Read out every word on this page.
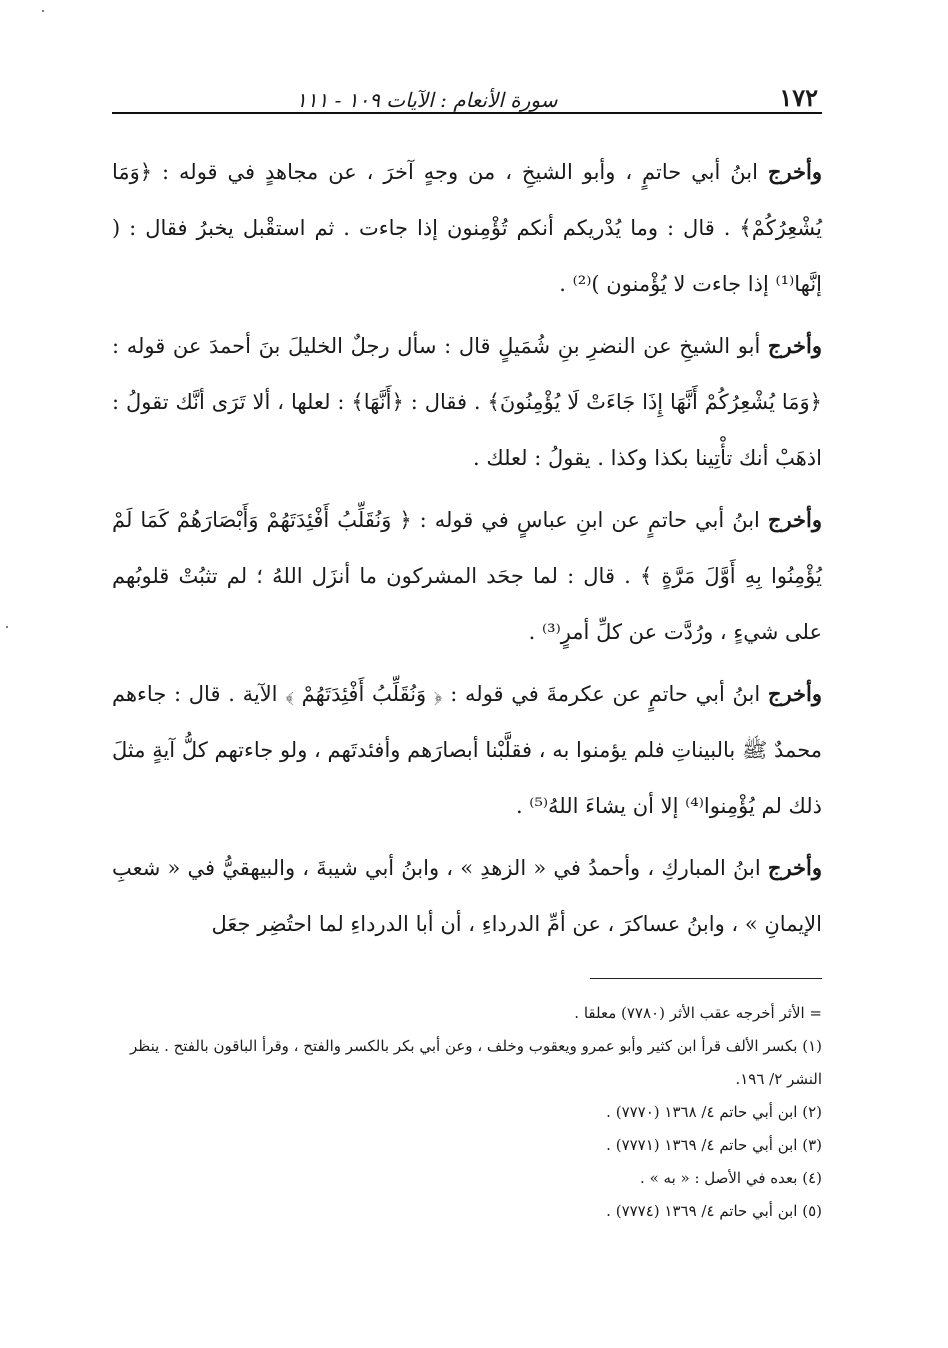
١٧٢
سورة الأنعام : الآيات ١٠٩ - ١١١

وأخرج ابنُ أبي حاتمٍ ، وأبو الشيخِ ، من وجهٍ آخرَ ، عن مجاهدٍ في قوله : ﴿وَمَا يُشْعِرُكُمْ﴾ . قال : وما يُدْريكم أنكم تُؤْمِنون إذا جاءت . ثم استقْبل يخبرُ فقال : ( إنَّها⁽¹⁾ إذا جاءت لا يُؤْمنون )⁽²⁾ .

وأخرج أبو الشيخِ عن النضرِ بنِ شُمَيلٍ قال : سأل رجلٌ الخليلَ بنَ أحمدَ عن قوله : ﴿وَمَا يُشْعِرُكُمْ أَنَّهَا إِذَا جَاءَتْ لَا يُؤْمِنُونَ﴾ . فقال : ﴿أَنَّهَا﴾ : لعلها ، ألا تَرَى أنَّك تقولُ : اذهَبْ أنك تأْتِينا بكذا وكذا . يقولُ : لعلك .

وأخرج ابنُ أبي حاتمٍ عن ابنِ عباسٍ في قوله : ﴿ وَنُقَلِّبُ أَفْئِدَتَهُمْ وَأَبْصَارَهُمْ كَمَا لَمْ يُؤْمِنُوا بِهِ أَوَّلَ مَرَّةٍ ﴾ . قال : لما جحَد المشركون ما أنزَل اللهُ ؛ لم تثبُتْ قلوبُهم على شيءٍ ، ورُدَّت عن كلِّ أمرٍ⁽³⁾ .

وأخرج ابنُ أبي حاتمٍ عن عكرمةَ في قوله : ﴿ وَنُقَلِّبُ أَفْئِدَتَهُمْ ﴾ الآية . قال : جاءهم محمدٌ ﷺ بالبيناتِ فلم يؤمنوا به ، فقلَّبْنا أبصارَهم وأفئدتَهم ، ولو جاءتهم كلُّ آيةٍ مثلَ ذلك لم يُؤْمِنوا⁽⁴⁾ إلا أن يشاءَ اللهُ⁽⁵⁾ .

وأخرج ابنُ المباركِ ، وأحمدُ في « الزهدِ » ، وابنُ أبي شيبةَ ، والبيهقيُّ في « شعبِ الإيمانِ » ، وابنُ عساكرَ ، عن أمِّ الدرداءِ ، أن أبا الدرداءِ لما احتُضِر جعَل

= الأثر أخرجه عقب الأثر (٧٧٨٠) معلقا .

(١) بكسر الألف قرأ ابن كثير وأبو عمرو ويعقوب وخلف ، وعن أبي بكر بالكسر والفتح ، وقرأ الباقون بالفتح . ينظر النشر ٢/ ١٩٦.

(٢) ابن أبي حاتم ٤/ ١٣٦٨ (٧٧٧٠) .

(٣) ابن أبي حاتم ٤/ ١٣٦٩ (٧٧٧١) .

(٤) بعده في الأصل : « به » .

(٥) ابن أبي حاتم ٤/ ١٣٦٩ (٧٧٧٤) .
